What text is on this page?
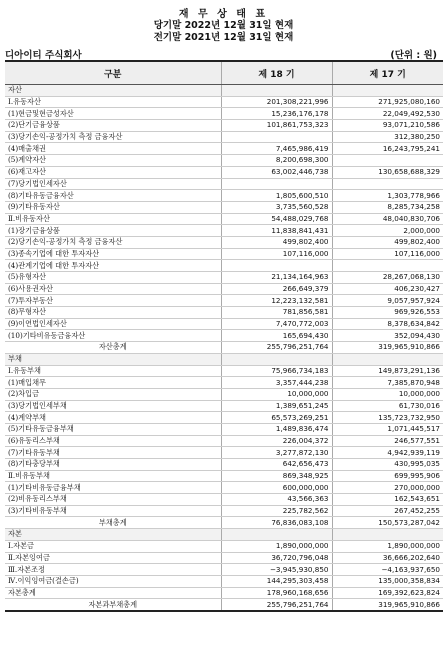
재 무 상 태 표
당기말 2022년 12월 31일 현재
전기말 2021년 12월 31일 현재
디아이티 주식회사	(단위 : 원)
구분	제 18 기	제 17 기
자산		
Ⅰ.유동자산	201,308,221,996	271,925,080,160
(1)현금및현금성자산	15,236,176,178	22,049,492,530
(2)단기금융상품	101,861,753,323	93,071,210,586
(3)당기손익-공정가치 측정 금융자산		312,380,250
(4)매출채권	7,465,986,419	16,243,795,241
(5)계약자산	8,200,698,300	
(6)재고자산	63,002,446,738	130,658,688,329
(7)당기법인세자산		
(8)기타유동금융자산	1,805,600,510	1,303,778,966
(9)기타유동자산	3,735,560,528	8,285,734,258
Ⅱ.비유동자산	54,488,029,768	48,040,830,706
(1)장기금융상품	11,838,841,431	2,000,000
(2)당기손익-공정가치 측정 금융자산	499,802,400	499,802,400
(3)종속기업에 대한 투자자산	107,116,000	107,116,000
(4)관계기업에 대한 투자자산		
(5)유형자산	21,134,164,963	28,267,068,130
(6)사용권자산	266,649,379	406,230,427
(7)투자부동산	12,223,132,581	9,057,957,924
(8)무형자산	781,856,581	969,926,553
(9)이연법인세자산	7,470,772,003	8,378,634,842
(10)기타비유동금융자산	165,694,430	352,094,430
자산총계	255,796,251,764	319,965,910,866
부채		
Ⅰ.유동부채	75,966,734,183	149,873,291,136
(1)매입채무	3,357,444,238	7,385,870,948
(2)차입금	10,000,000	10,000,000
(3)당기법인세부채	1,389,651,245	61,730,016
(4)계약부채	65,573,269,251	135,723,732,950
(5)기타유동금융부채	1,489,836,474	1,071,445,517
(6)유동리스부채	226,004,372	246,577,551
(7)기타유동부채	3,277,872,130	4,942,939,119
(8)기타충당부채	642,656,473	430,995,035
Ⅱ.비유동부채	869,348,925	699,995,906
(1)기타비유동금융부채	600,000,000	270,000,000
(2)비유동리스부채	43,566,363	162,543,651
(3)기타비유동부채	225,782,562	267,452,255
부채총계	76,836,083,108	150,573,287,042
자본		
Ⅰ.자본금	1,890,000,000	1,890,000,000
Ⅱ.자본잉여금	36,720,796,048	36,666,202,640
Ⅲ.자본조정	−3,945,930,850	−4,163,937,650
Ⅳ.이익잉여금(결손금)	144,295,303,458	135,000,358,834
자본총계	178,960,168,656	169,392,623,824
자본과부채총계	255,796,251,764	319,965,910,866
